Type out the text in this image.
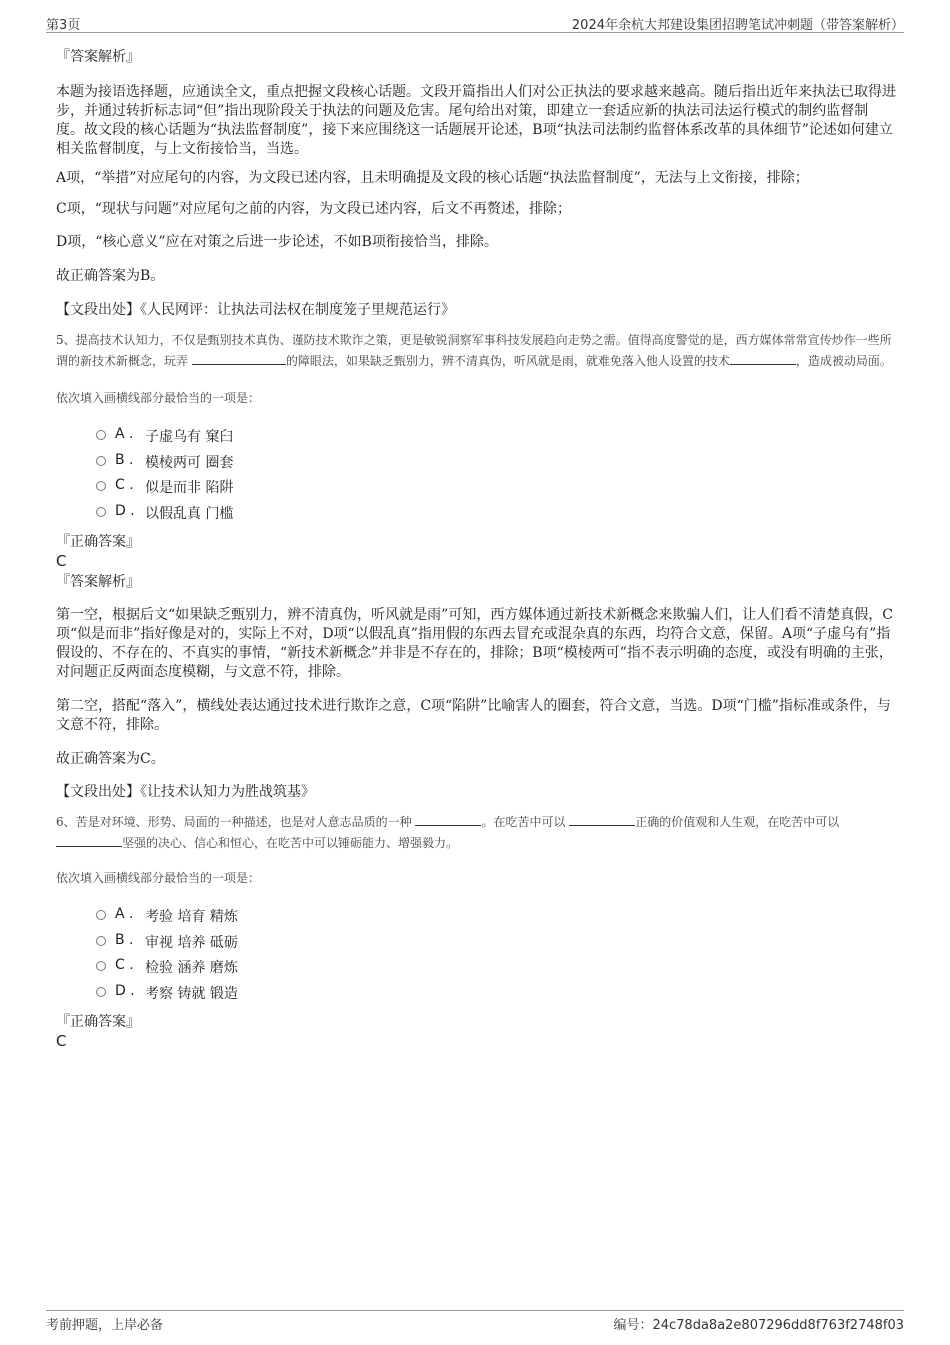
第3页	2024年余杭大邦建设集团招聘笔试冲刺题（带答案解析）

『答案解析』

本题为接语选择题，应通读全文，重点把握文段核心话题。文段开篇指出人们对公正执法的要求越来越高。随后指出近年来执法已取得进步，并通过转折标志词“但”指出现阶段关于执法的问题及危害。尾句给出对策，即建立一套适应新的执法司法运行模式的制约监督制度。故文段的核心话题为“执法监督制度”，接下来应围绕这一话题展开论述，B项“执法司法制约监督体系改革的具体细节”论述如何建立相关监督制度，与上文衔接恰当，当选。

A项，“举措”对应尾句的内容，为文段已述内容，且未明确提及文段的核心话题“执法监督制度”，无法与上文衔接，排除；

C项，“现状与问题”对应尾句之前的内容，为文段已述内容，后文不再赘述，排除；

D项，“核心意义”应在对策之后进一步论述，不如B项衔接恰当，排除。

故正确答案为B。

【文段出处】《人民网评：让执法司法权在制度笼子里规范运行》

5、提高技术认知力，不仅是甄别技术真伪、谨防技术欺诈之策，更是敏锐洞察军事科技发展趋向走势之需。值得高度警觉的是，西方媒体常常宣传炒作一些所谓的新技术新概念，玩弄	的障眼法，如果缺乏甄别力，辨不清真伪，听风就是雨，就难免落入他人设置的技术	，造成被动局面。

依次填入画横线部分最恰当的一项是：

A . 子虚乌有 窠臼
B . 模棱两可 圈套
C . 似是而非 陷阱
D . 以假乱真 门槛

『正确答案』

C

『答案解析』

第一空，根据后文“如果缺乏甄别力，辨不清真伪，听风就是雨”可知，西方媒体通过新技术新概念来欺骗人们，让人们看不清楚真假，C项“似是而非”指好像是对的，实际上不对，D项“以假乱真”指用假的东西去冒充或混杂真的东西，均符合文意，保留。A项“子虚乌有”指假设的、不存在的、不真实的事情，“新技术新概念”并非是不存在的，排除；B项“模棱两可”指不表示明确的态度，或没有明确的主张，对问题正反两面态度模糊，与文意不符，排除。

第二空，搭配“落入”，横线处表达通过技术进行欺诈之意，C项“陷阱”比喻害人的圈套，符合文意，当选。D项“门槛”指标准或条件，与文意不符，排除。

故正确答案为C。

【文段出处】《让技术认知力为胜战筑基》

6、苦是对环境、形势、局面的一种描述，也是对人意志品质的一种	。在吃苦中可以	正确的价值观和人生观，在吃苦中可以 坚强的决心、信心和恒心，在吃苦中可以锤砺能力、增强毅力。

依次填入画横线部分最恰当的一项是：

A . 考验 培育 精炼
B . 审视 培养 砥砺
C . 检验 涵养 磨炼
D . 考察 铸就 锻造

『正确答案』

C

考前押题，上岸必备	编号：24c78da8a2e807296dd8f763f2748f03
